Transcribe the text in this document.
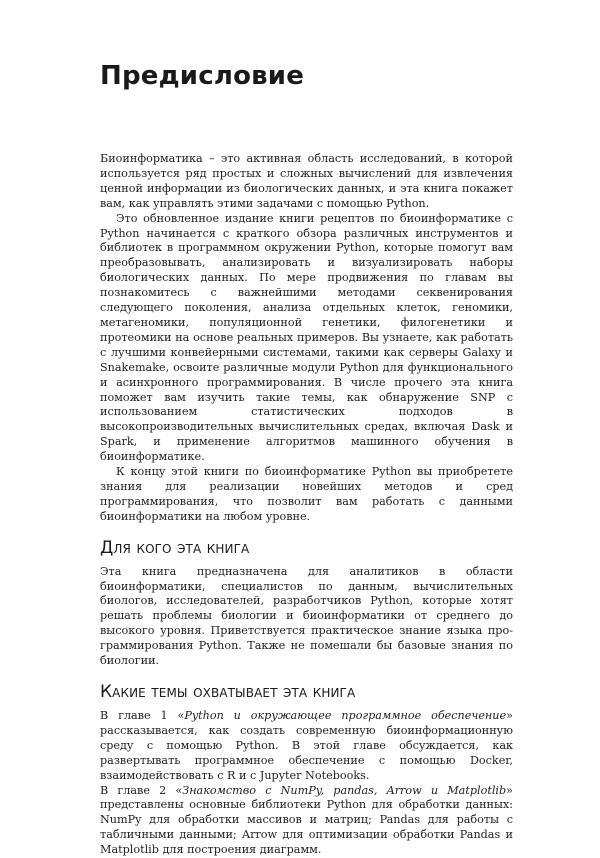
Предисловие

Биоинформатика – это активная область исследований, в которой используется ряд простых и сложных вычислений для извлечения ценной информации из биологических данных, и эта книга покажет вам, как управлять этими задачами с помощью Python.

Это обновленное издание книги рецептов по биоинформатике с Python начинается с краткого обзора различных инструментов и библиотек в программном окружении Python, которые помогут вам преобразовывать, анализировать и визуализировать наборы биологических данных. По мере продвижения по главам вы познакомитесь с важнейшими методами секвенирования следующего поколения, анализа отдельных клеток, геномики, метагеномики, популяционной генетики, филогенетики и протеомики на основе реальных примеров. Вы узнаете, как работать с лучшими конвейерными системами, такими как серверы Galaxy и Snakemake, освоите различные модули Python для функционального и асинхронного программирования. В числе прочего эта книга поможет вам изучить такие темы, как обнаружение SNP с использованием статистических подходов в высокопроизводительных вычислительных средах, включая Dask и Spark, и применение алгоритмов машинного обучения в биоинформатике.

К концу этой книги по биоинформатике Python вы приобретете знания для реализации новейших методов и сред программирования, что позволит вам работать с данными биоинформатики на любом уровне.

Для кого эта книга

Эта книга предназначена для аналитиков в области биоинформатики, специалистов по данным, вычислительных биологов, исследователей, разработчиков Python, которые хотят решать проблемы биологии и биоинформатики от среднего до высокого уровня. Приветствуется практическое знание языка программирования Python. Также не помешали бы базовые знания по биологии.

Какие темы охватывает эта книга

В главе 1 «Python и окружающее программное обеспечение» рассказывается, как создать современную биоинформационную среду с помощью Python. В этой главе обсуждается, как развертывать программное обеспечение с помощью Docker, взаимодействовать с R и с Jupyter Notebooks.

В главе 2 «Знакомство с NumPy, pandas, Arrow и Matplotlib» представлены основные библиотеки Python для обработки данных: NumPy для обработки массивов и матриц; Pandas для работы с табличными данными; Arrow для оптимизации обработки Pandas и Matplotlib для построения диаграмм.
